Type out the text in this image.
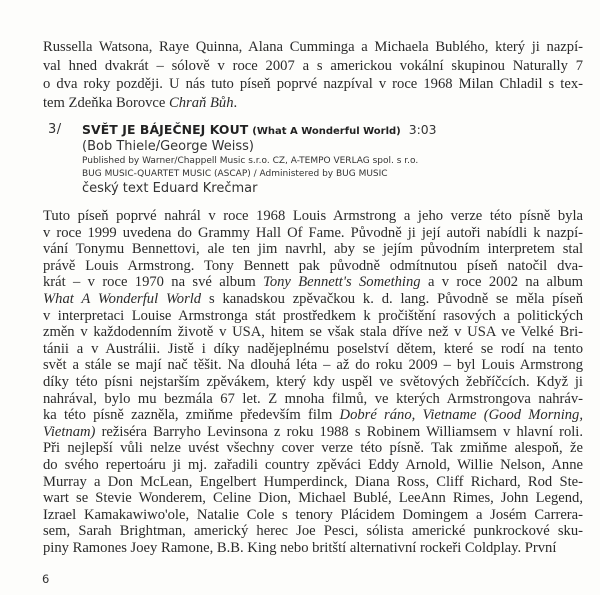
Russella Watsona, Raye Quinna, Alana Cumminga a Michaela Bublého, který ji nazpí-
val hned dvakrát – sólově v roce 2007 a s americkou vokální skupinou Naturally 7
o dva roky později. U nás tuto píseň poprvé nazpíval v roce 1968 Milan Chladil s tex-
tem Zdeňka Borovce Chraň Bůh.
3/ SVĚT JE BÁJEČNEJ KOUT (What A Wonderful World) 3:03
(Bob Thiele/George Weiss)
Published by Warner/Chappell Music s.r.o. CZ, A-TEMPO VERLAG spol. s r.o.
BUG MUSIC-QUARTET MUSIC (ASCAP) / Administered by BUG MUSIC
český text Eduard Krečmar
Tuto píseň poprvé nahrál v roce 1968 Louis Armstrong a jeho verze této písně byla
v roce 1999 uvedena do Grammy Hall Of Fame. Původně ji její autoři nabídli k nazpí-
vání Tonymu Bennettovi, ale ten jim navrhl, aby se jejím původním interpretem stal
právě Louis Armstrong. Tony Bennett pak původně odmítnutou píseň natočil dva-
krát – v roce 1970 na své album Tony Bennett's Something a v roce 2002 na album
What A Wonderful World s kanadskou zpěvačkou k. d. lang. Původně se měla píseň
v interpretaci Louise Armstronga stát prostředkem k pročištění rasových a politických
změn v každodenním životě v USA, hitem se však stala dříve než v USA ve Velké Bri-
tánii a v Austrálii. Jistě i díky nadějeplnému poselství dětem, které se rodí na tento
svět a stále se mají nač těšit. Na dlouhá léta – až do roku 2009 – byl Louis Armstrong
díky této písni nejstarším zpěvákem, který kdy uspěl ve světových žebříčcích. Když ji
nahrával, bylo mu bezmála 67 let. Z mnoha filmů, ve kterých Armstrongova nahráv-
ka této písně zazněla, zmiňme především film Dobré ráno, Vietname (Good Morning,
Vietnam) režiséra Barryho Levinsona z roku 1988 s Robinem Williamsem v hlavní roli.
Při nejlepší vůli nelze uvést všechny cover verze této písně. Tak zmiňme alespoň, že
do svého repertoáru ji mj. zařadili country zpěváci Eddy Arnold, Willie Nelson, Anne
Murray a Don McLean, Engelbert Humperdinck, Diana Ross, Cliff Richard, Rod Ste-
wart se Stevie Wonderem, Celine Dion, Michael Bublé, LeeAnn Rimes, John Legend,
Izrael Kamakawiwo'ole, Natalie Cole s tenory Plácidem Domingem a Josém Carrera-
sem, Sarah Brightman, americký herec Joe Pesci, sólista americké punkrockové sku-
piny Ramones Joey Ramone, B.B. King nebo britští alternativní rockeři Coldplay. První
6
